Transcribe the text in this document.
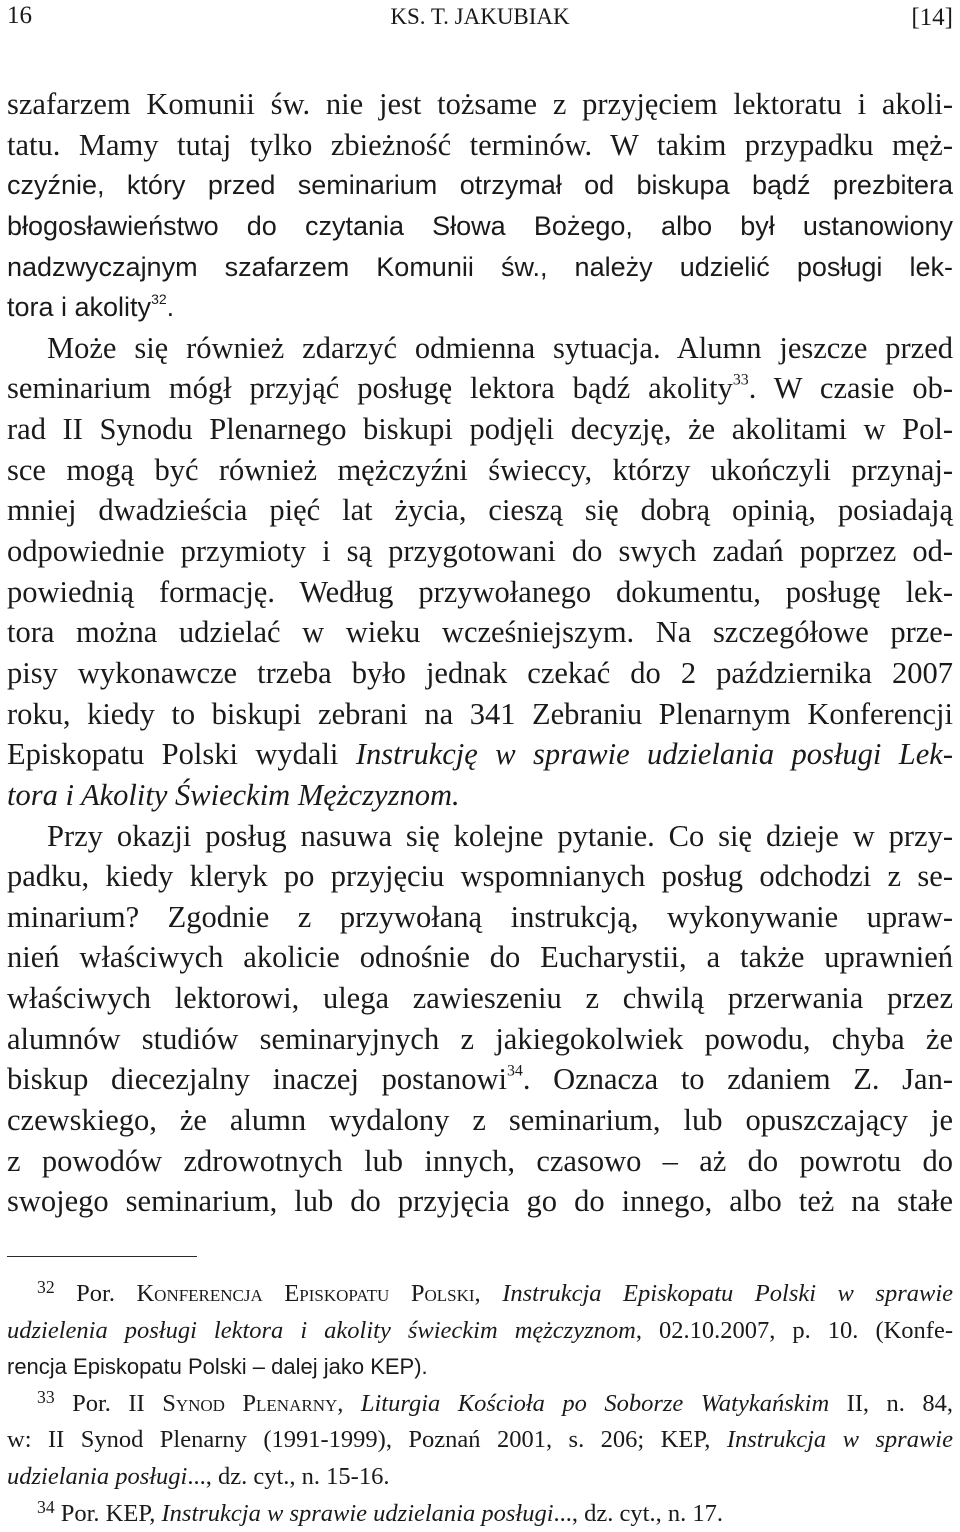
16	KS. T. JAKUBIAK	[14]
szafarzem Komunii św. nie jest tożsame z przyjęciem lektoratu i akoli-
tatu. Mamy tutaj tylko zbieżność terminów. W takim przypadku męż-
czyźnie, który przed seminarium otrzymał od biskupa bądź prezbitera
błogosławieństwo do czytania Słowa Bożego, albo był ustanowiony
nadzwyczajnym szafarzem Komunii św., należy udzielić posługi lek-
tora i akolity$^{32}$.
Może się również zdarzyć odmienna sytuacja. Alumn jeszcze przed
seminarium mógł przyjąć posługę lektora bądź akolity$^{33}$. W czasie ob-
rad II Synodu Plenarnego biskupi podjęli decyzję, że akolitami w Pol-
sce mogą być również mężczyźni świeccy, którzy ukończyli przynaj-
mniej dwadzieścia pięć lat życia, cieszą się dobrą opinią, posiadają
odpowiednie przymioty i są przygotowani do swych zadań poprzez od-
powiednią formację. Według przywołanego dokumentu, posługę lek-
tora można udzielać w wieku wcześniejszym. Na szczegółowe prze-
pisy wykonawcze trzeba było jednak czekać do 2 października 2007
roku, kiedy to biskupi zebrani na 341 Zebraniu Plenarnym Konferencji
Episkopatu Polski wydali Instrukcję w sprawie udzielania posługi Lek-
tora i Akolity Świeckim Mężczyznom.
Przy okazji posług nasuwa się kolejne pytanie. Co się dzieje w przy-
padku, kiedy kleryk po przyjęciu wspomnianych posług odchodzi z se-
minarium? Zgodnie z przywołaną instrukcją, wykonywanie upraw-
nień właściwych akolicie odnośnie do Eucharystii, a także uprawnień
właściwych lektorowi, ulega zawieszeniu z chwilą przerwania przez
alumnów studiów seminaryjnych z jakiegokolwiek powodu, chyba że
biskup diecezjalny inaczej postanowi$^{34}$. Oznacza to zdaniem Z. Jan-
czewskiego, że alumn wydalony z seminarium, lub opuszczający je
z powodów zdrowotnych lub innych, czasowo – aż do powrotu do
swojego seminarium, lub do przyjęcia go do innego, albo też na stałe
$^{32}$ Por. Konferencja Episkopatu Polski, Instrukcja Episkopatu Polski w sprawie
udzielenia posługi lektora i akolity świeckim mężczyznom, 02.10.2007, p. 10. (Konfe-
rencja Episkopatu Polski – dalej jako KEP).
$^{33}$ Por. II Synod Plenarny, Liturgia Kościoła po Soborze Watykańskim II, n. 84,
w: II Synod Plenarny (1991-1999), Poznań 2001, s. 206; KEP, Instrukcja w sprawie
udzielania posługi..., dz. cyt., n. 15-16.
$^{34}$ Por. KEP, Instrukcja w sprawie udzielania posługi..., dz. cyt., n. 17.
